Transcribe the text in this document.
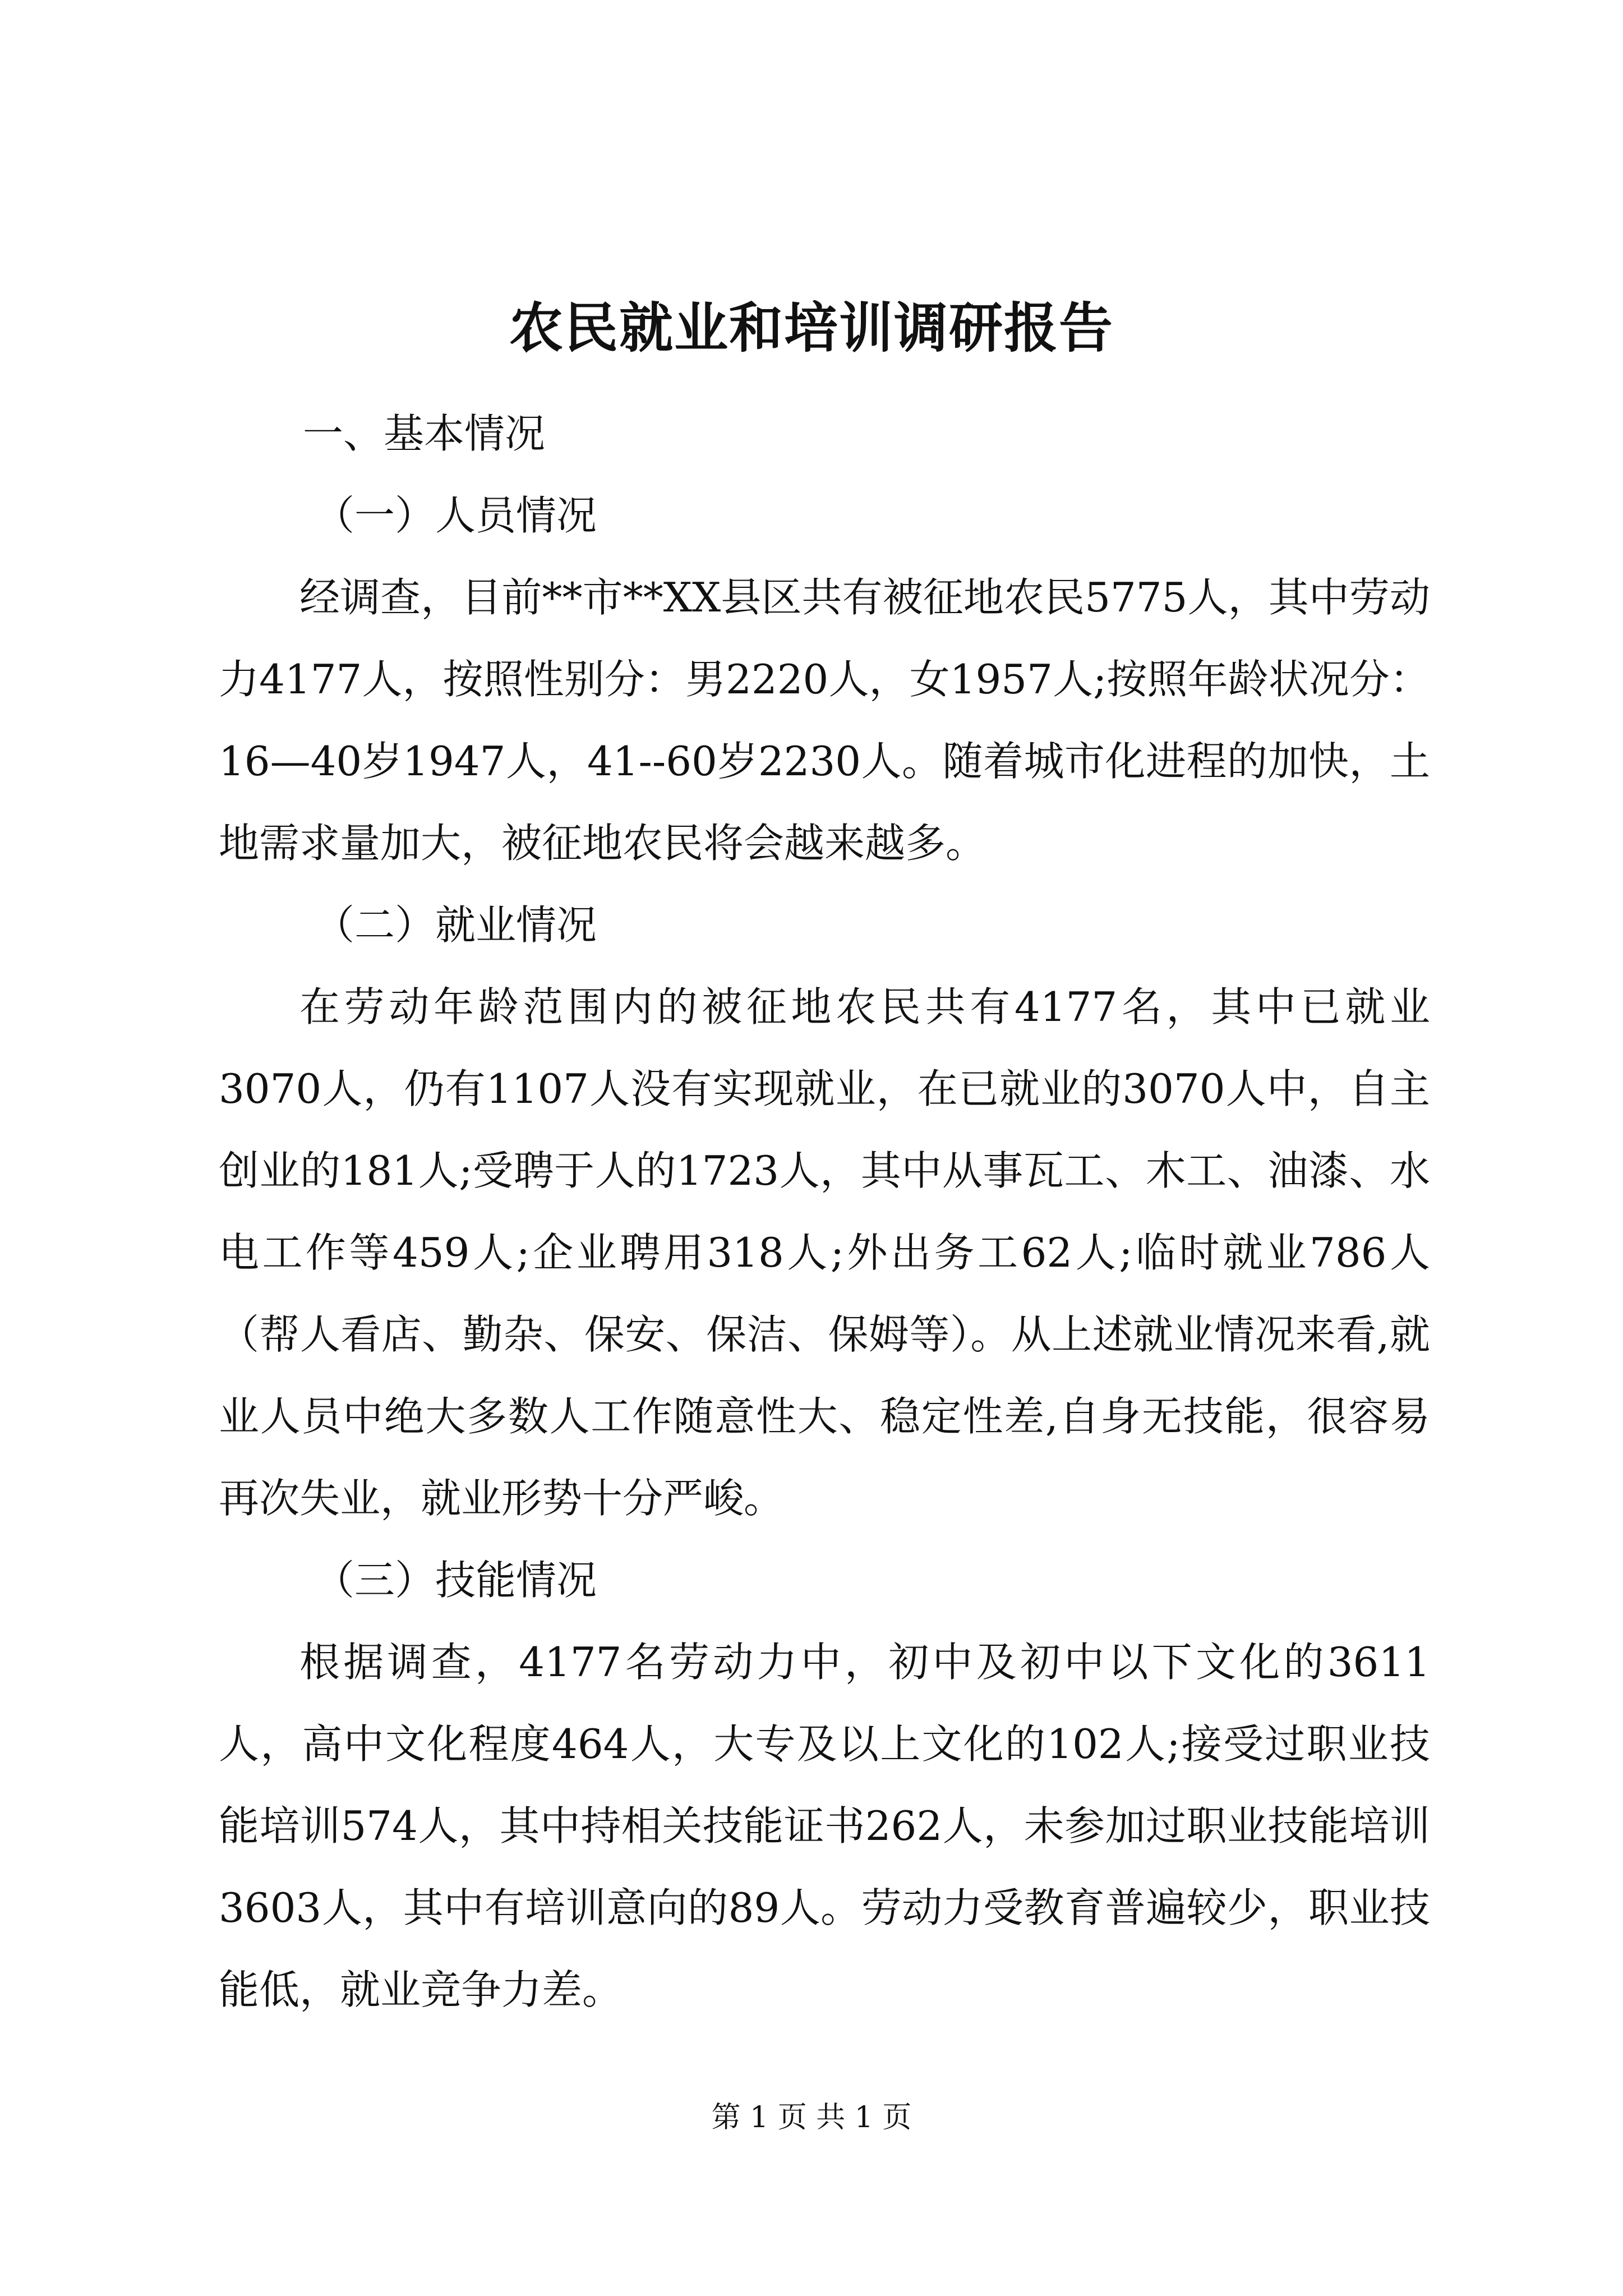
农民就业和培训调研报告

一、基本情况

（一）人员情况

经调查，目前**市**XX县区共有被征地农民5775人，其中劳动力4177人，按照性别分：男2220人，女1957人;按照年龄状况分：16—40岁1947人，41--60岁2230人。随着城市化进程的加快，土地需求量加大，被征地农民将会越来越多。

（二）就业情况

在劳动年龄范围内的被征地农民共有4177名，其中已就业3070人，仍有1107人没有实现就业，在已就业的3070人中，自主创业的181人;受聘于人的1723人，其中从事瓦工、木工、油漆、水电工作等459人;企业聘用318人;外出务工62人;临时就业786人（帮人看店、勤杂、保安、保洁、保姆等）。从上述就业情况来看,就业人员中绝大多数人工作随意性大、稳定性差,自身无技能，很容易再次失业，就业形势十分严峻。

（三）技能情况

根据调查，4177名劳动力中，初中及初中以下文化的3611人，高中文化程度464人，大专及以上文化的102人;接受过职业技能培训574人，其中持相关技能证书262人，未参加过职业技能培训3603人，其中有培训意向的89人。劳动力受教育普遍较少，职业技能低，就业竞争力差。

第 1 页 共 1 页
